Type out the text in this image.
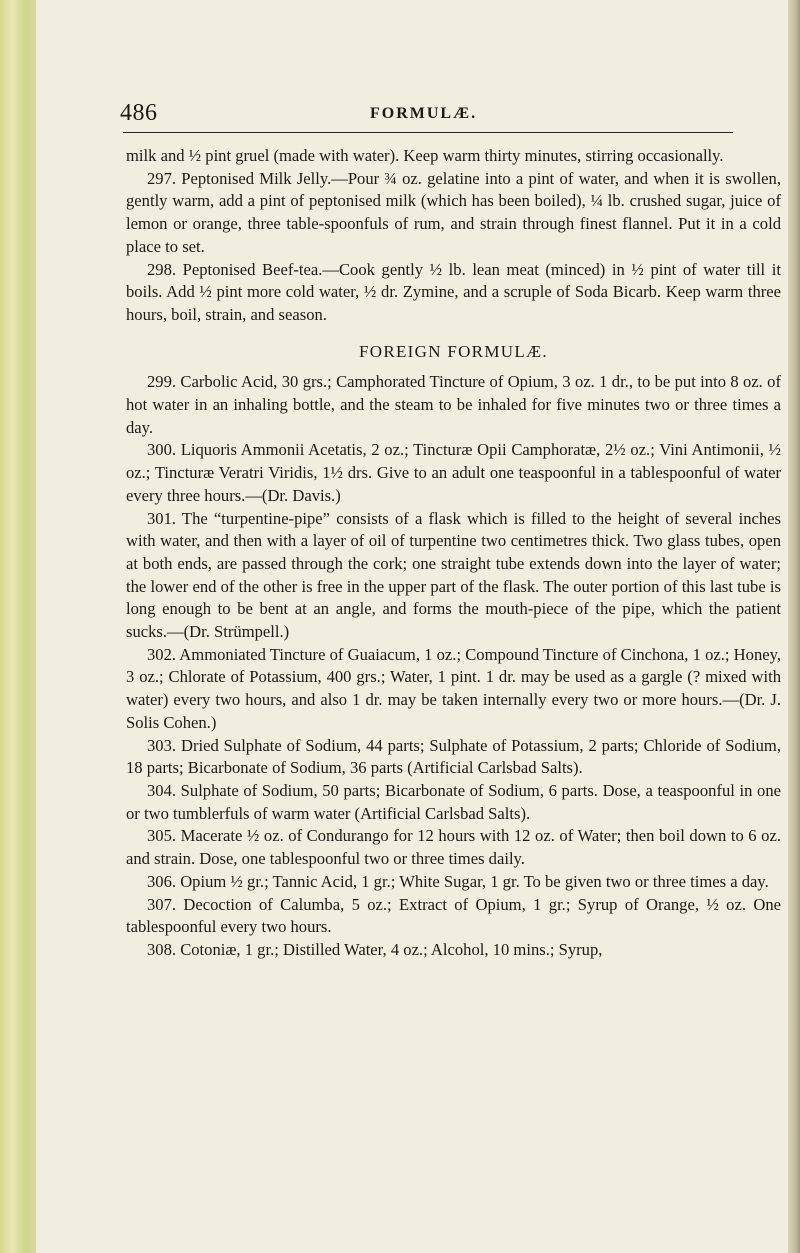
486	FORMULÆ.

milk and ½ pint gruel (made with water). Keep warm thirty minutes, stirring occasionally.

297. Peptonised Milk Jelly.—Pour ¾ oz. gelatine into a pint of water, and when it is swollen, gently warm, add a pint of peptonised milk (which has been boiled), ¼ lb. crushed sugar, juice of lemon or orange, three table-spoonfuls of rum, and strain through finest flannel. Put it in a cold place to set.

298. Peptonised Beef-tea.—Cook gently ½ lb. lean meat (minced) in ½ pint of water till it boils. Add ½ pint more cold water, ½ dr. Zymine, and a scruple of Soda Bicarb. Keep warm three hours, boil, strain, and season.

FOREIGN FORMULÆ.

299. Carbolic Acid, 30 grs.; Camphorated Tincture of Opium, 3 oz. 1 dr., to be put into 8 oz. of hot water in an inhaling bottle, and the steam to be inhaled for five minutes two or three times a day.

300. Liquoris Ammonii Acetatis, 2 oz.; Tincturæ Opii Camphoratæ, 2½ oz.; Vini Antimonii, ½ oz.; Tincturæ Veratri Viridis, 1½ drs. Give to an adult one teaspoonful in a tablespoonful of water every three hours.—(Dr. Davis.)

301. The “turpentine-pipe” consists of a flask which is filled to the height of several inches with water, and then with a layer of oil of turpentine two centimetres thick. Two glass tubes, open at both ends, are passed through the cork; one straight tube extends down into the layer of water; the lower end of the other is free in the upper part of the flask. The outer portion of this last tube is long enough to be bent at an angle, and forms the mouth-piece of the pipe, which the patient sucks.—(Dr. Strümpell.)

302. Ammoniated Tincture of Guaiacum, 1 oz.; Compound Tincture of Cinchona, 1 oz.; Honey, 3 oz.; Chlorate of Potassium, 400 grs.; Water, 1 pint. 1 dr. may be used as a gargle (? mixed with water) every two hours, and also 1 dr. may be taken internally every two or more hours.—(Dr. J. Solis Cohen.)

303. Dried Sulphate of Sodium, 44 parts; Sulphate of Potassium, 2 parts; Chloride of Sodium, 18 parts; Bicarbonate of Sodium, 36 parts (Artificial Carlsbad Salts).

304. Sulphate of Sodium, 50 parts; Bicarbonate of Sodium, 6 parts. Dose, a teaspoonful in one or two tumblerfuls of warm water (Artificial Carlsbad Salts).

305. Macerate ½ oz. of Condurango for 12 hours with 12 oz. of Water; then boil down to 6 oz. and strain. Dose, one tablespoonful two or three times daily.

306. Opium ½ gr.; Tannic Acid, 1 gr.; White Sugar, 1 gr. To be given two or three times a day.

307. Decoction of Calumba, 5 oz.; Extract of Opium, 1 gr.; Syrup of Orange, ½ oz. One tablespoonful every two hours.

308. Cotoniæ, 1 gr.; Distilled Water, 4 oz.; Alcohol, 10 mins.; Syrup,
